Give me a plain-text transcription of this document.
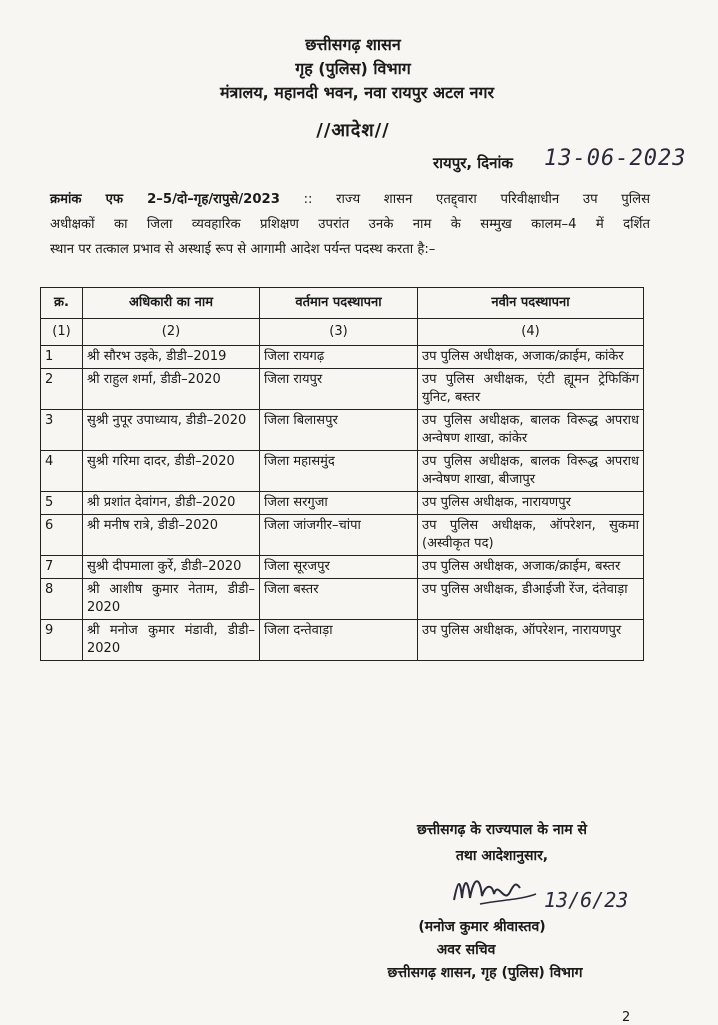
छत्तीसगढ़ शासन
गृह (पुलिस) विभाग
मंत्रालय, महानदी भवन, नवा रायपुर अटल नगर
//आदेश//
रायपुर, दिनांक 13-06-2023

क्रमांक एफ 2–5/दो–गृह/रापुसे/2023 :: राज्य शासन एतद्द्वारा परिवीक्षाधीन उप पुलिस

अधीक्षकों का जिला व्यवहारिक प्रशिक्षण उपरांत उनके नाम के सम्मुख कालम–4 में दर्शित

स्थान पर तत्काल प्रभाव से अस्थाई रूप से आगामी आदेश पर्यन्त पदस्थ करता है:–

क्र.	अधिकारी का नाम	वर्तमान पदस्थापना	नवीन पदस्थापना
(1)	(2)	(3)	(4)
1	श्री सौरभ उइके, डीडी–2019	जिला रायगढ़	उप पुलिस अधीक्षक, अजाक/क्राईम, कांकेर
2	श्री राहुल शर्मा, डीडी–2020	जिला रायपुर	उप पुलिस अधीक्षक, एंटी ह्यूमन ट्रेफिकिंग युनिट, बस्तर
3	सुश्री नुपूर उपाध्याय, डीडी–2020	जिला बिलासपुर	उप पुलिस अधीक्षक, बालक विरूद्ध अपराध अन्वेषण शाखा, कांकेर
4	सुश्री गरिमा दादर, डीडी–2020	जिला महासमुंद	उप पुलिस अधीक्षक, बालक विरूद्ध अपराध अन्वेषण शाखा, बीजापुर
5	श्री प्रशांत देवांगन, डीडी–2020	जिला सरगुजा	उप पुलिस अधीक्षक, नारायणपुर
6	श्री मनीष रात्रे, डीडी–2020	जिला जांजगीर–चांपा	उप पुलिस अधीक्षक, ऑपरेशन, सुकमा (अस्वीकृत पद)
7	सुश्री दीपमाला कुर्रे, डीडी–2020	जिला सूरजपुर	उप पुलिस अधीक्षक, अजाक/क्राईम, बस्तर
8	श्री आशीष कुमार नेताम, डीडी–2020	जिला बस्तर	उप पुलिस अधीक्षक, डीआईजी रेंज, दंतेवाड़ा
9	श्री मनोज कुमार मंडावी, डीडी–2020	जिला दन्तेवाड़ा	उप पुलिस अधीक्षक, ऑपरेशन, नारायणपुर
छत्तीसगढ़ के राज्यपाल के नाम से
तथा आदेशानुसार,
13/6/23
(मनोज कुमार श्रीवास्तव)
अवर सचिव
छत्तीसगढ़ शासन, गृह (पुलिस) विभाग
2
